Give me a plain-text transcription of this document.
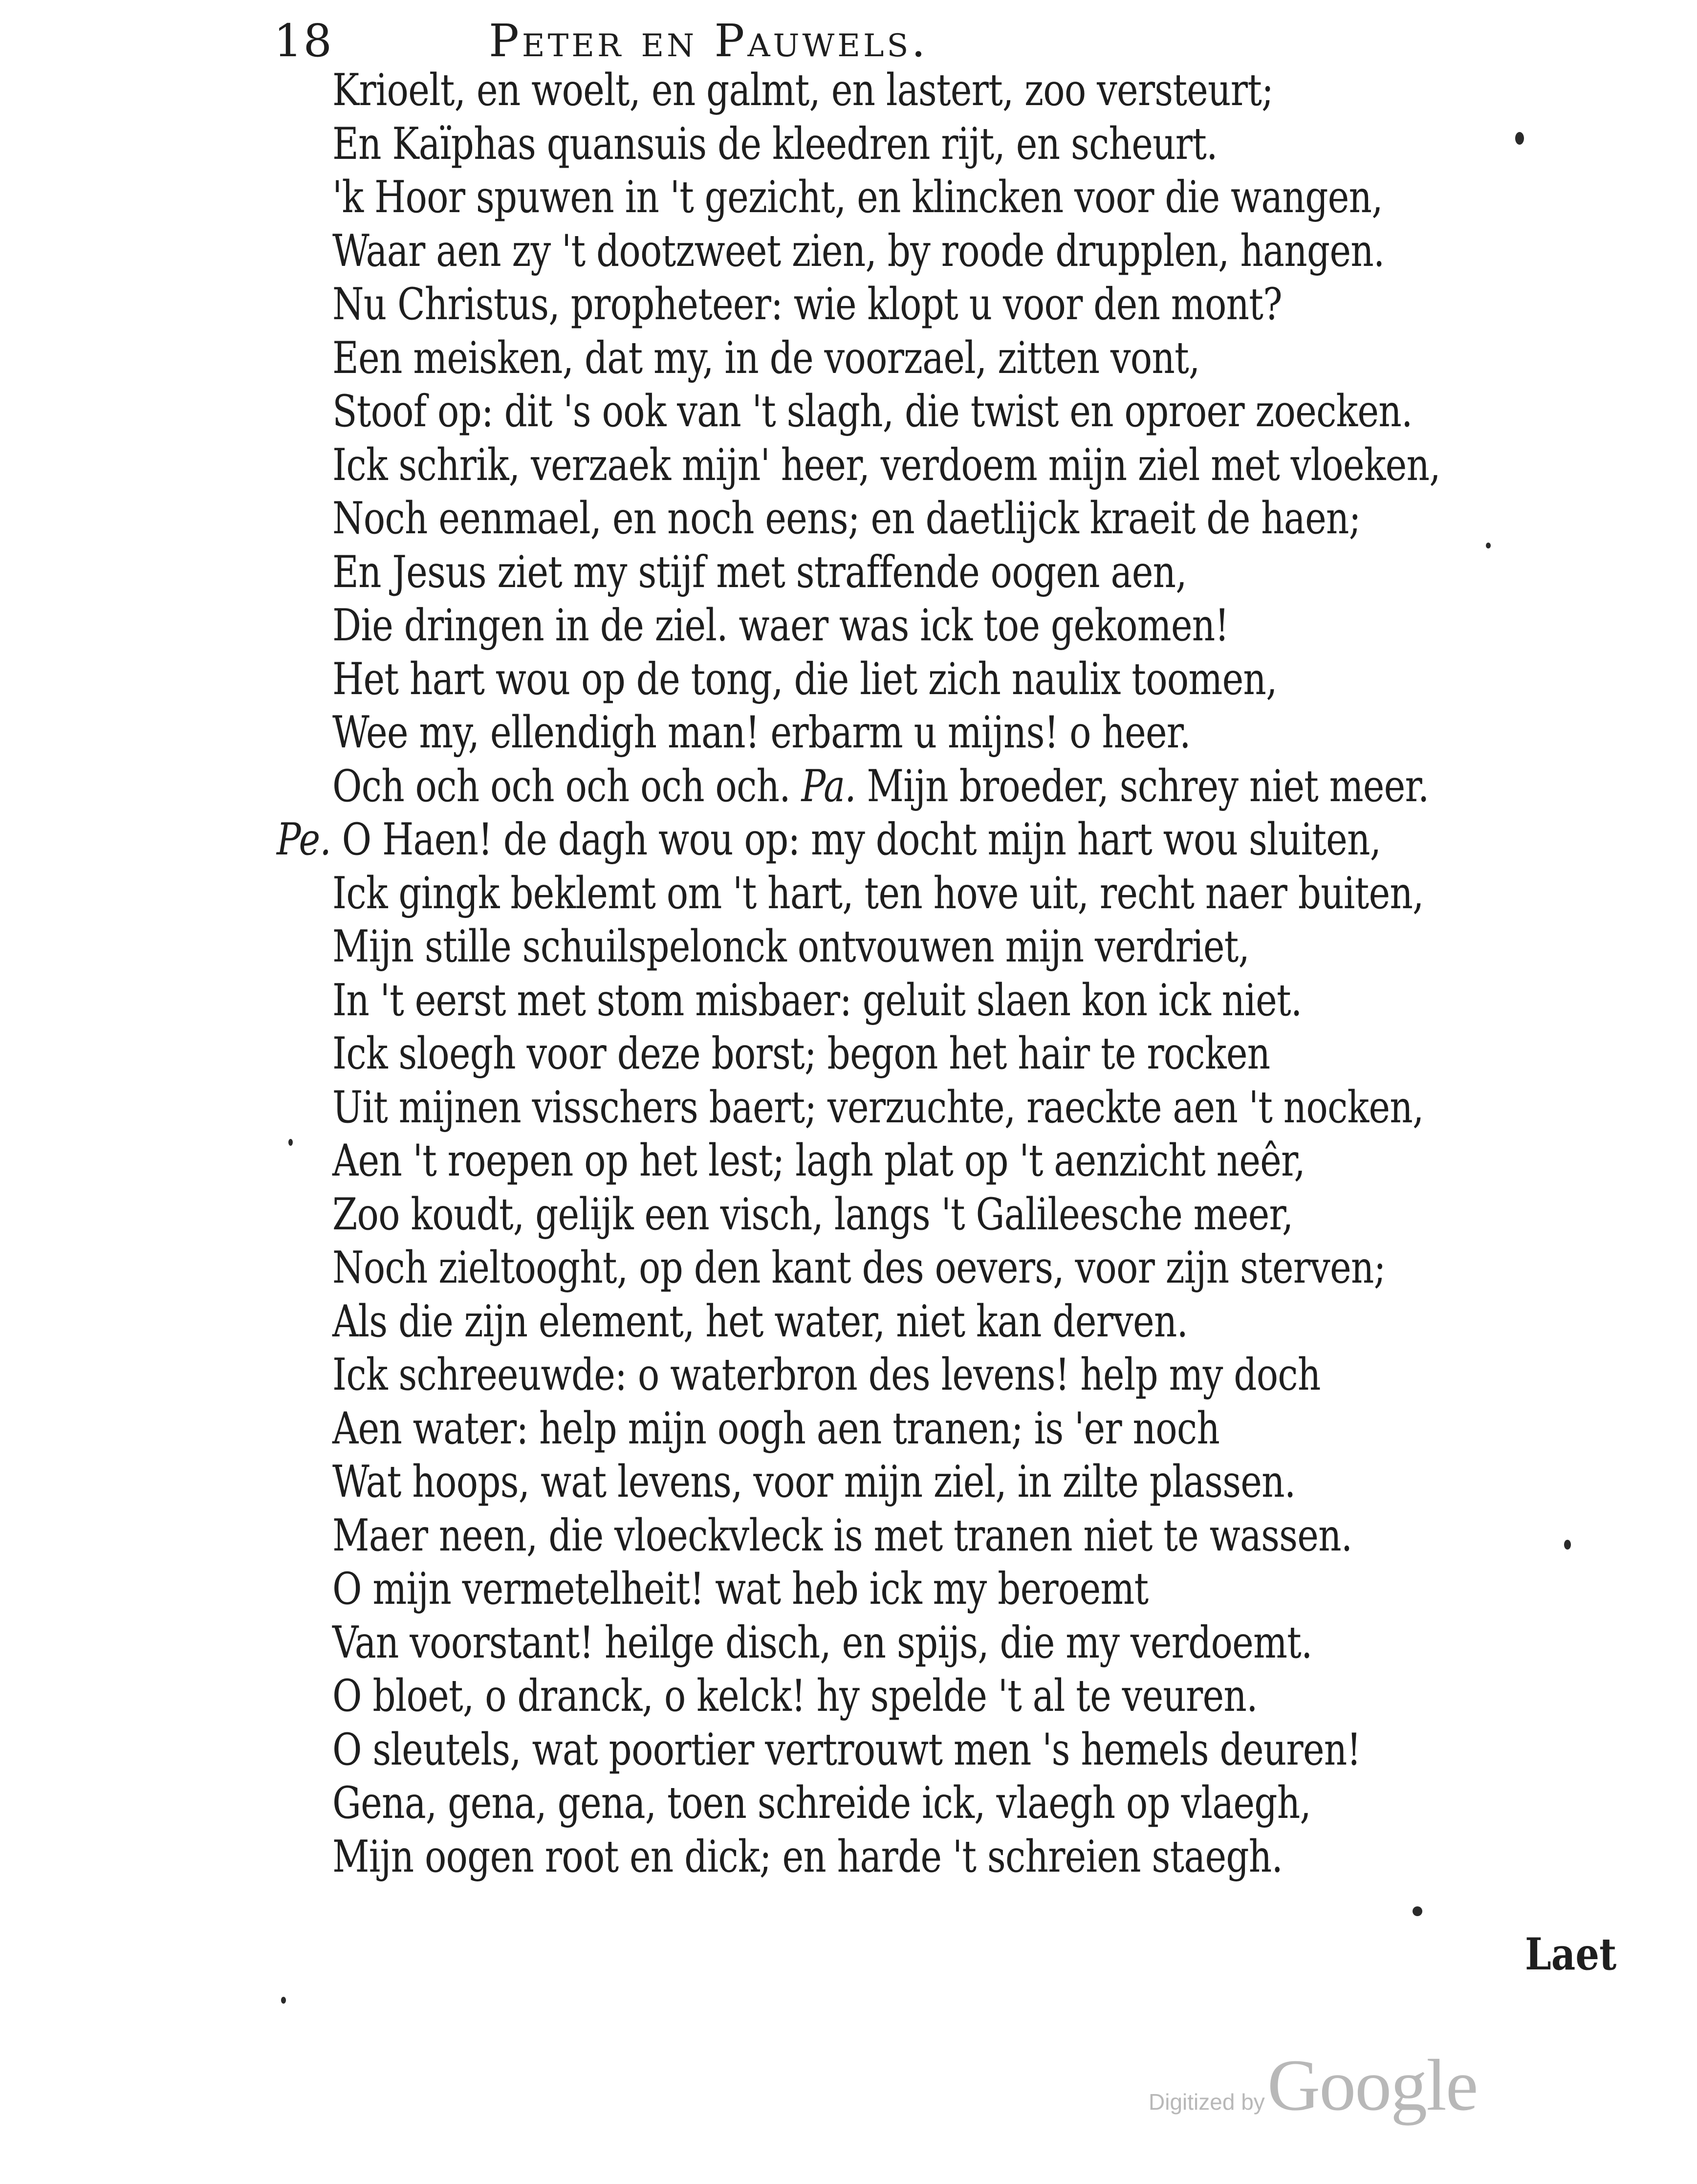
18	Peter en Pauwels.
Krioelt, en woelt, en galmt, en lastert, zoo versteurt;
En Kaïphas quansuis de kleedren rijt, en scheurt.
'k Hoor spuwen in 't gezicht, en klincken voor die wangen,
Waar aen zy 't dootzweet zien, by roode drupplen, hangen.
Nu Christus, propheteer: wie klopt u voor den mont?
Een meisken, dat my, in de voorzael, zitten vont,
Stoof op: dit 's ook van 't slagh, die twist en oproer zoecken.
Ick schrik, verzaek mijn' heer, verdoem mijn ziel met vloeken,
Noch eenmael, en noch eens; en daetlijck kraeit de haen;
En Jesus ziet my stijf met straffende oogen aen,
Die dringen in de ziel. waer was ick toe gekomen!
Het hart wou op de tong, die liet zich naulix toomen,
Wee my, ellendigh man! erbarm u mijns! o heer.
Och och och och och och. Pa. Mijn broeder, schrey niet meer.
Pe. O Haen! de dagh wou op: my docht mijn hart wou sluiten,
Ick gingk beklemt om 't hart, ten hove uit, recht naer buiten,
Mijn stille schuilspelonck ontvouwen mijn verdriet,
In 't eerst met stom misbaer: geluit slaen kon ick niet.
Ick sloegh voor deze borst; begon het hair te rocken
Uit mijnen visschers baert; verzuchte, raeckte aen 't nocken,
Aen 't roepen op het lest; lagh plat op 't aenzicht neêr,
Zoo koudt, gelijk een visch, langs 't Galileesche meer,
Noch zieltooght, op den kant des oevers, voor zijn sterven;
Als die zijn element, het water, niet kan derven.
Ick schreeuwde: o waterbron des levens! help my doch
Aen water: help mijn oogh aen tranen; is 'er noch
Wat hoops, wat levens, voor mijn ziel, in zilte plassen.
Maer neen, die vloeckvleck is met tranen niet te wassen.
O mijn vermetelheit! wat heb ick my beroemt
Van voorstant! heilge disch, en spijs, die my verdoemt.
O bloet, o dranck, o kelck! hy spelde 't al te veuren.
O sleutels, wat poortier vertrouwt men 's hemels deuren!
Gena, gena, gena, toen schreide ick, vlaegh op vlaegh,
Mijn oogen root en dick; en harde 't schreien staegh.
Laet
Digitized by Google
